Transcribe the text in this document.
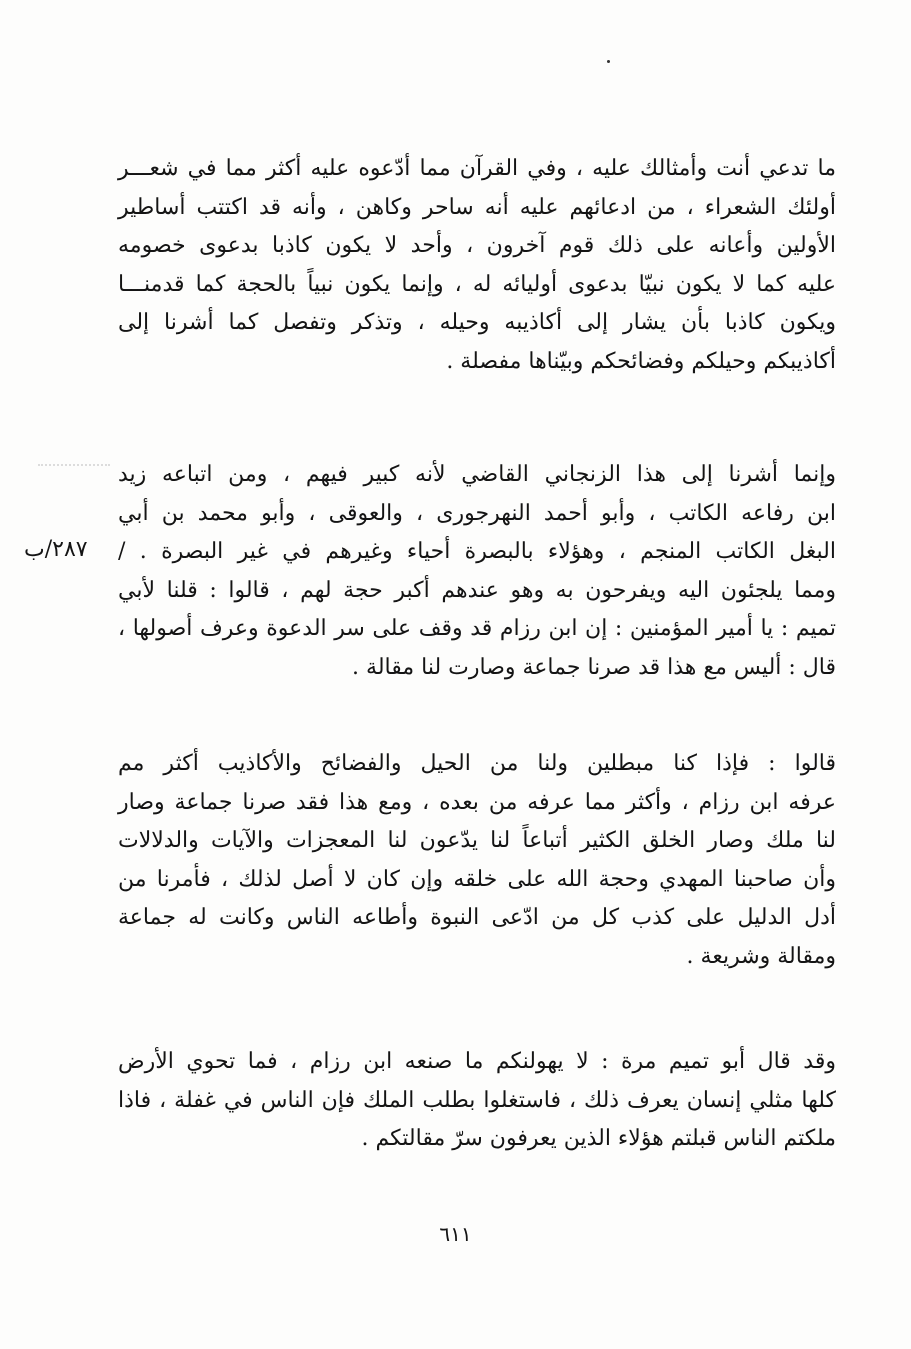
ما تدعي أنت وأمثالك عليه ، وفي القرآن مما أدّعوه عليه أكثر مما في شعـــر
أولئك الشعراء ، من ادعائهم عليه أنه ساحر وكاهن ، وأنه قد اكتتب أساطير
الأولين وأعانه على ذلك قوم آخرون ، وأحد لا يكون كاذبا بدعوى خصومه
عليه كما لا يكون نبيّا بدعوى أوليائه له ، وإنما يكون نبياً بالحجة كما قدمنـــا
ويكون كاذبا بأن يشار إلى أكاذيبه وحيله ، وتذكر وتفصل كما أشرنا إلى
أكاذيبكم وحيلكم وفضائحكم وبيّناها مفصلة .
وإنما أشرنا إلى هذا الزنجاني القاضي لأنه كبير فيهم ، ومن اتباعه زيد
ابن رفاعه الكاتب ، وأبو أحمد النهرجورى ، والعوقى ، وأبو محمد بن أبي
البغل الكاتب المنجم ، وهؤلاء بالبصرة أحياء وغيرهم في غير البصرة . /
ومما يلجئون اليه ويفرحون به وهو عندهم أكبر حجة لهم ، قالوا : قلنا لأبي
تميم : يا أمير المؤمنين : إن ابن رزام قد وقف على سر الدعوة وعرف أصولها ،
قال : أليس مع هذا قد صرنا جماعة وصارت لنا مقالة .
٢٨٧/ب
قالوا : فإذا كنا مبطلين ولنا من الحيل والفضائح والأكاذيب أكثر مم
عرفه ابن رزام ، وأكثر مما عرفه من بعده ، ومع هذا فقد صرنا جماعة وصار
لنا ملك وصار الخلق الكثير أتباعاً لنا يدّعون لنا المعجزات والآيات والدلالات
وأن صاحبنا المهدي وحجة الله على خلقه وإن كان لا أصل لذلك ، فأمرنا من
أدل الدليل على كذب كل من ادّعى النبوة وأطاعه الناس وكانت له جماعة
ومقالة وشريعة .
وقد قال أبو تميم مرة : لا يهولنكم ما صنعه ابن رزام ، فما تحوي الأرض
كلها مثلي إنسان يعرف ذلك ، فاستغلوا بطلب الملك فإن الناس في غفلة ، فاذا
ملكتم الناس قبلتم هؤلاء الذين يعرفون سرّ مقالتكم .
٦١١
